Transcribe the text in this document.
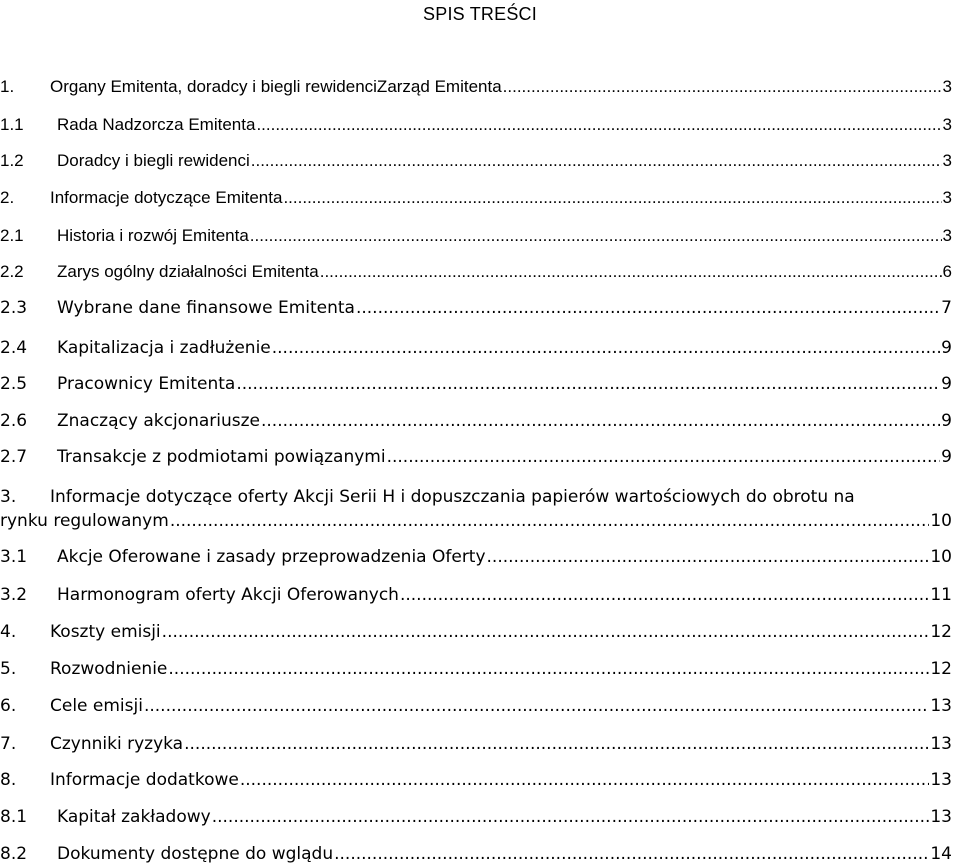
SPIS TREŚCI
1.	Organy Emitenta, doradcy i biegli rewidenciZarząd Emitenta .....	3
1.1	Rada Nadzorcza Emitenta .....	3
1.2	Doradcy i biegli rewidenci .....	3
2.	Informacje dotyczące Emitenta .....	3
2.1	Historia i rozwój Emitenta .....	3
2.2	Zarys ogólny działalności Emitenta .....	6
2.3	Wybrane dane finansowe Emitenta .....	7
2.4	Kapitalizacja i zadłużenie .....	9
2.5	Pracownicy Emitenta .....	9
2.6	Znaczący akcjonariusze .....	9
2.7	Transakcje z podmiotami powiązanymi .....	9
3. Informacje dotyczące oferty Akcji Serii H i dopuszczania papierów wartościowych do obrotu na
rynku regulowanym .....	10
3.1	Akcje Oferowane i zasady przeprowadzenia Oferty .....	10
3.2	Harmonogram oferty Akcji Oferowanych .....	11
4.	Koszty emisji .....	12
5.	Rozwodnienie .....	12
6.	Cele emisji .....	13
7.	Czynniki ryzyka .....	13
8.	Informacje dodatkowe .....	13
8.1	Kapitał zakładowy .....	13
8.2	Dokumenty dostępne do wglądu .....	14
